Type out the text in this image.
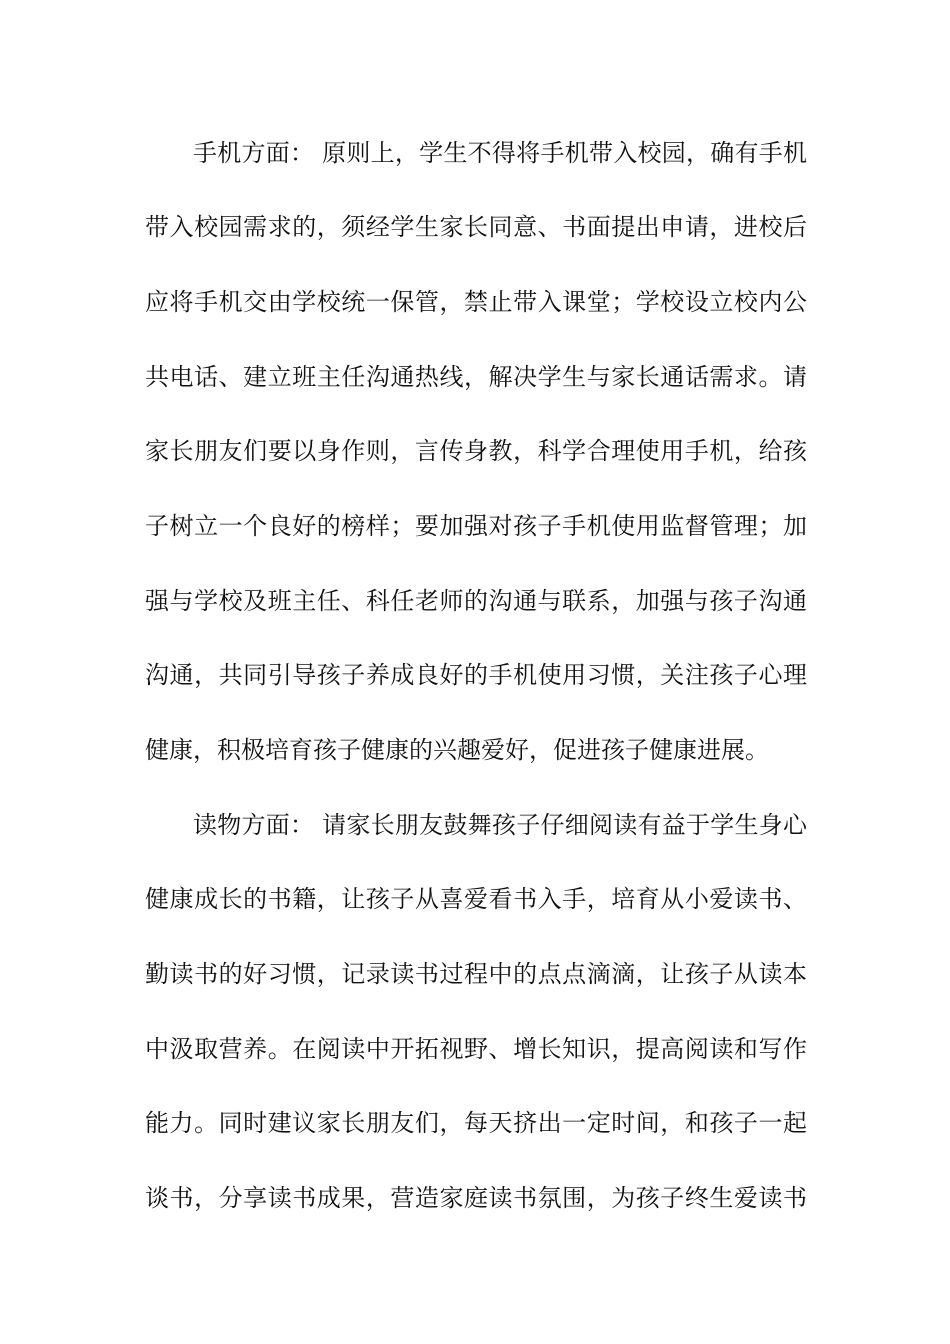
手机方面： 原则上，学生不得将手机带入校园，确有手机
带入校园需求的，须经学生家长同意、书面提出申请，进校后
应将手机交由学校统一保管，禁止带入课堂；学校设立校内公
共电话、建立班主任沟通热线，解决学生与家长通话需求。请
家长朋友们要以身作则，言传身教，科学合理使用手机，给孩
子树立一个良好的榜样；要加强对孩子手机使用监督管理；加
强与学校及班主任、科任老师的沟通与联系，加强与孩子沟通
沟通，共同引导孩子养成良好的手机使用习惯，关注孩子心理
健康，积极培育孩子健康的兴趣爱好，促进孩子健康进展。
读物方面： 请家长朋友鼓舞孩子仔细阅读有益于学生身心
健康成长的书籍，让孩子从喜爱看书入手，培育从小爱读书、
勤读书的好习惯，记录读书过程中的点点滴滴，让孩子从读本
中汲取营养。在阅读中开拓视野、增长知识，提高阅读和写作
能力。同时建议家长朋友们，每天挤出一定时间，和孩子一起
谈书，分享读书成果，营造家庭读书氛围，为孩子终生爱读书
